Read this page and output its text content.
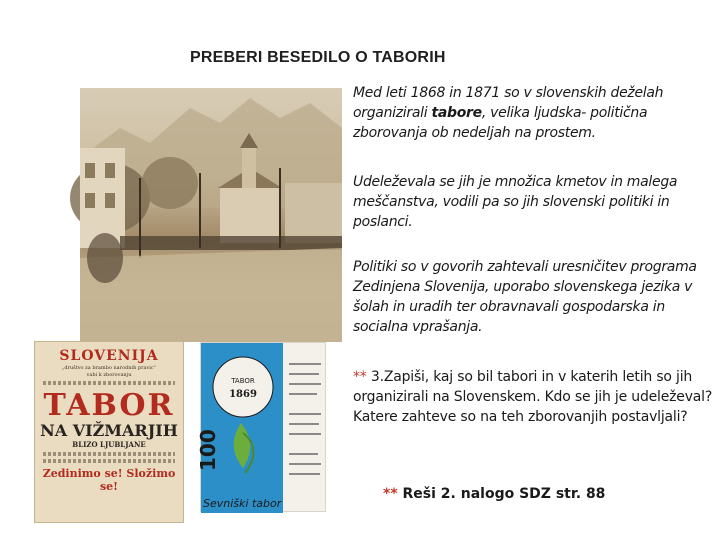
PREBERI BESEDILO O TABORIH
SLOVENIJA
„društvo za brambo narodnih pravic“
vabi k zborovanju
TABOR
NA VIŽMARJIH
BLIZO LJUBLJANE
Zedinimo se! Složimo se!
TABOR
1869
100
Sevniški tabor
Med leti 1868 in 1871 so v slovenskih deželah organizirali tabore, velika ljudska- politična zborovanja ob nedeljah na prostem.
Udeleževala se jih je množica kmetov in malega meščanstva, vodili pa so jih slovenski politiki in poslanci.
Politiki so v govorih zahtevali uresničitev programa Zedinjena Slovenija, uporabo slovenskega jezika v šolah in uradih ter obravnavali gospodarska in socialna vprašanja.
** 3.Zapiši, kaj so bil tabori in v katerih letih so jih organizirali na Slovenskem. Kdo se jih je udeleževal? Katere zahteve so na teh zborovanjih postavljali?
** Reši 2. nalogo SDZ str. 88
